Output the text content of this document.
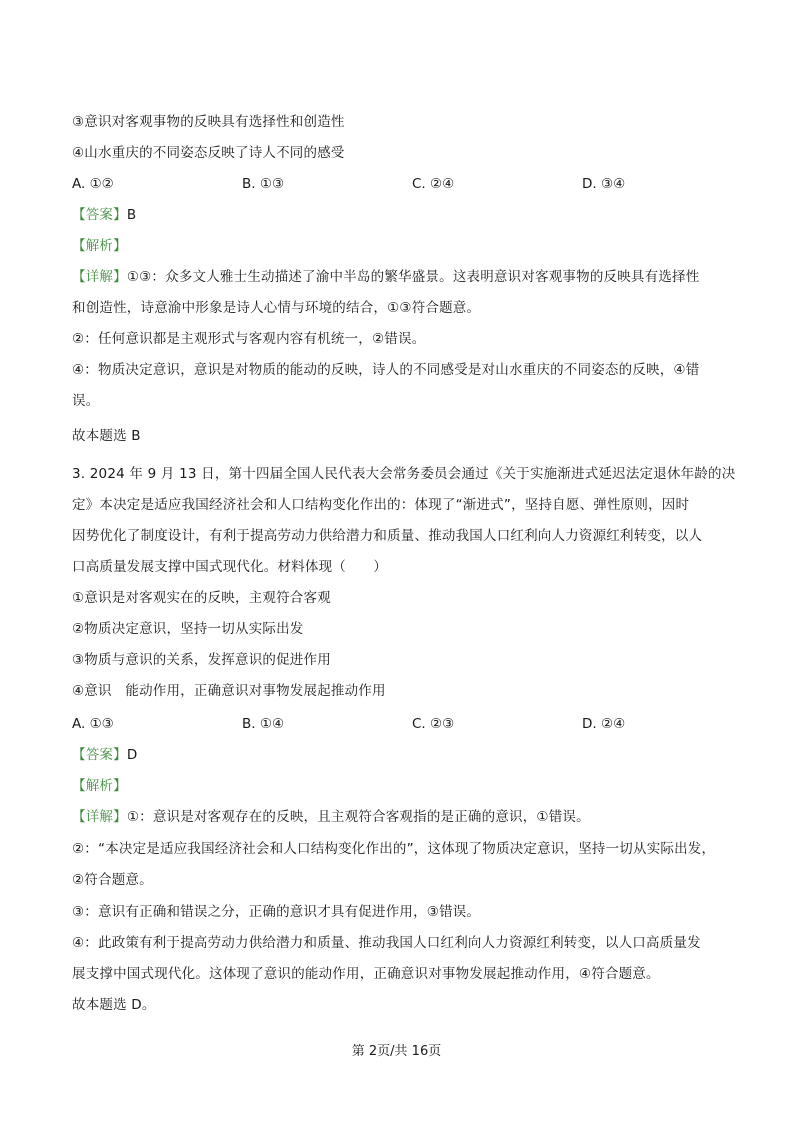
③意识对客观事物的反映具有选择性和创造性
④山水重庆的不同姿态反映了诗人不同的感受
A. ①②	B. ①③	C. ②④	D. ③④
【答案】B
【解析】
【详解】①③：众多文人雅士生动描述了渝中半岛的繁华盛景。这表明意识对客观事物的反映具有选择性
和创造性，诗意渝中形象是诗人心情与环境的结合，①③符合题意。
②：任何意识都是主观形式与客观内容有机统一，②错误。
④：物质决定意识，意识是对物质的能动的反映，诗人的不同感受是对山水重庆的不同姿态的反映，④错
误。
故本题选 B
3. 2024 年 9 月 13 日，第十四届全国人民代表大会常务委员会通过《关于实施渐进式延迟法定退休年龄的决
定》本决定是适应我国经济社会和人口结构变化作出的：体现了“渐进式”，坚持自愿、弹性原则，因时
因势优化了制度设计，有利于提高劳动力供给潜力和质量、推动我国人口红利向人力资源红利转变，以人
口高质量发展支撑中国式现代化。材料体现（　　）
①意识是对客观实在的反映，主观符合客观
②物质决定意识，坚持一切从实际出发
③物质与意识的关系，发挥意识的促进作用
④意识　能动作用，正确意识对事物发展起推动作用
A. ①③	B. ①④	C. ②③	D. ②④
【答案】D
【解析】
【详解】①：意识是对客观存在的反映，且主观符合客观指的是正确的意识，①错误。
②：“本决定是适应我国经济社会和人口结构变化作出的”，这体现了物质决定意识，坚持一切从实际出发，
②符合题意。
③：意识有正确和错误之分，正确的意识才具有促进作用，③错误。
④：此政策有利于提高劳动力供给潜力和质量、推动我国人口红利向人力资源红利转变，以人口高质量发
展支撑中国式现代化。这体现了意识的能动作用，正确意识对事物发展起推动作用，④符合题意。
故本题选 D。
第 2页/共 16页
